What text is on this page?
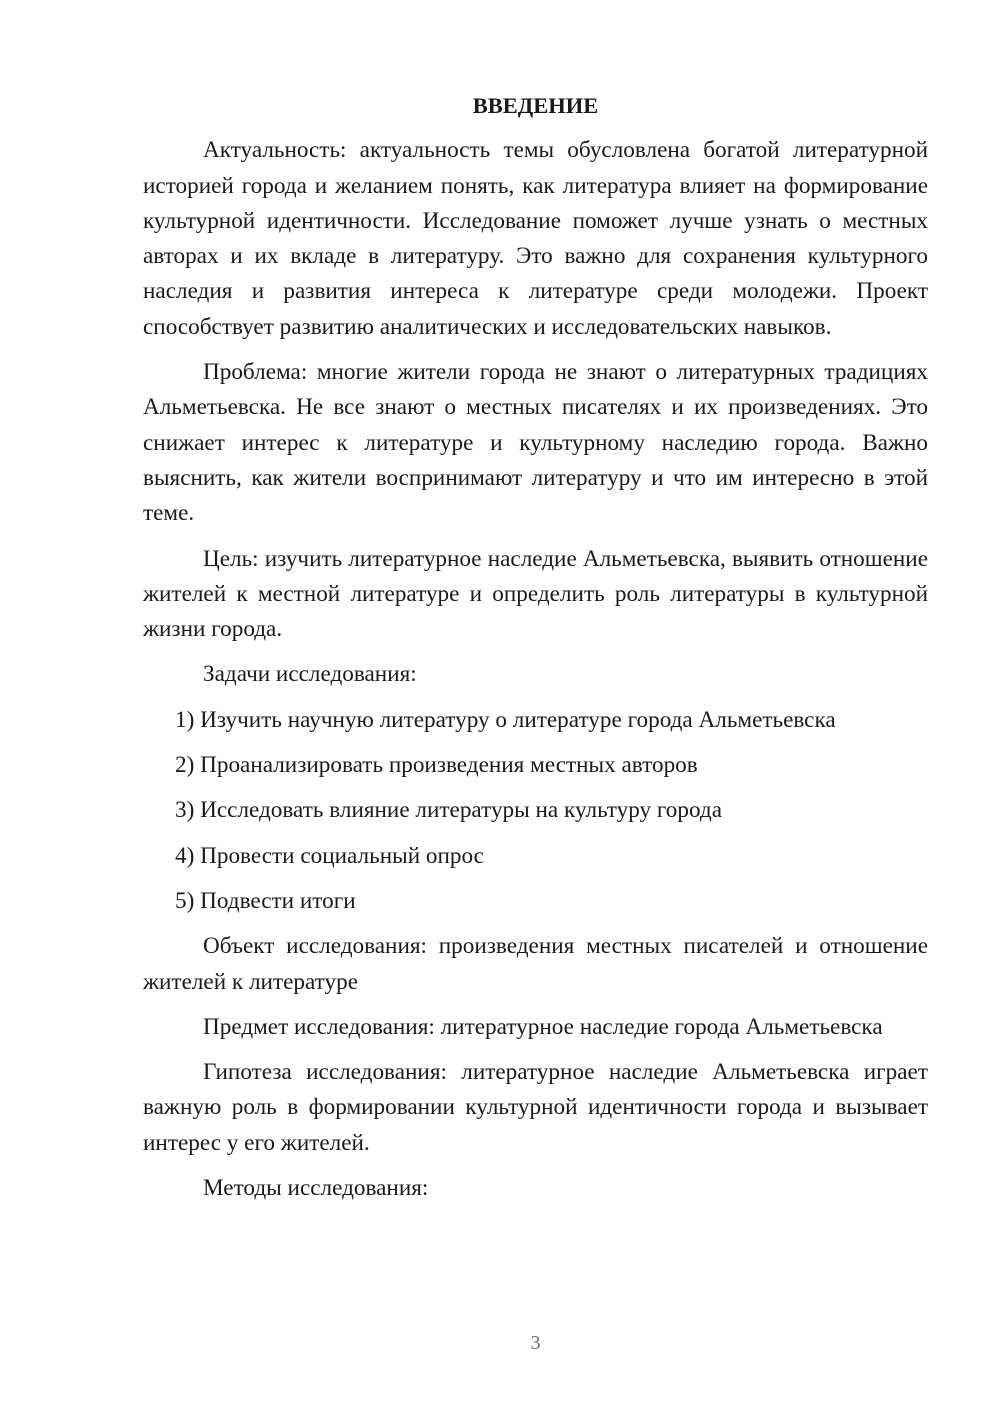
ВВЕДЕНИЕ

Актуальность: актуальность темы обусловлена богатой литературной историей города и желанием понять, как литература влияет на формирование культурной идентичности. Исследование поможет лучше узнать о местных авторах и их вкладе в литературу. Это важно для сохранения культурного наследия и развития интереса к литературе среди молодежи. Проект способствует развитию аналитических и исследовательских навыков.

Проблема: многие жители города не знают о литературных традициях Альметьевска. Не все знают о местных писателях и их произведениях. Это снижает интерес к литературе и культурному наследию города. Важно выяснить, как жители воспринимают литературу и что им интересно в этой теме.

Цель: изучить литературное наследие Альметьевска, выявить отношение жителей к местной литературе и определить роль литературы в культурной жизни города.

Задачи исследования:

1) Изучить научную литературу о литературе города Альметьевска
2) Проанализировать произведения местных авторов
3) Исследовать влияние литературы на культуру города
4) Провести социальный опрос
5) Подвести итоги

Объект исследования: произведения местных писателей и отношение жителей к литературе

Предмет исследования: литературное наследие города Альметьевска

Гипотеза исследования: литературное наследие Альметьевска играет важную роль в формировании культурной идентичности города и вызывает интерес у его жителей.

Методы исследования:

3
